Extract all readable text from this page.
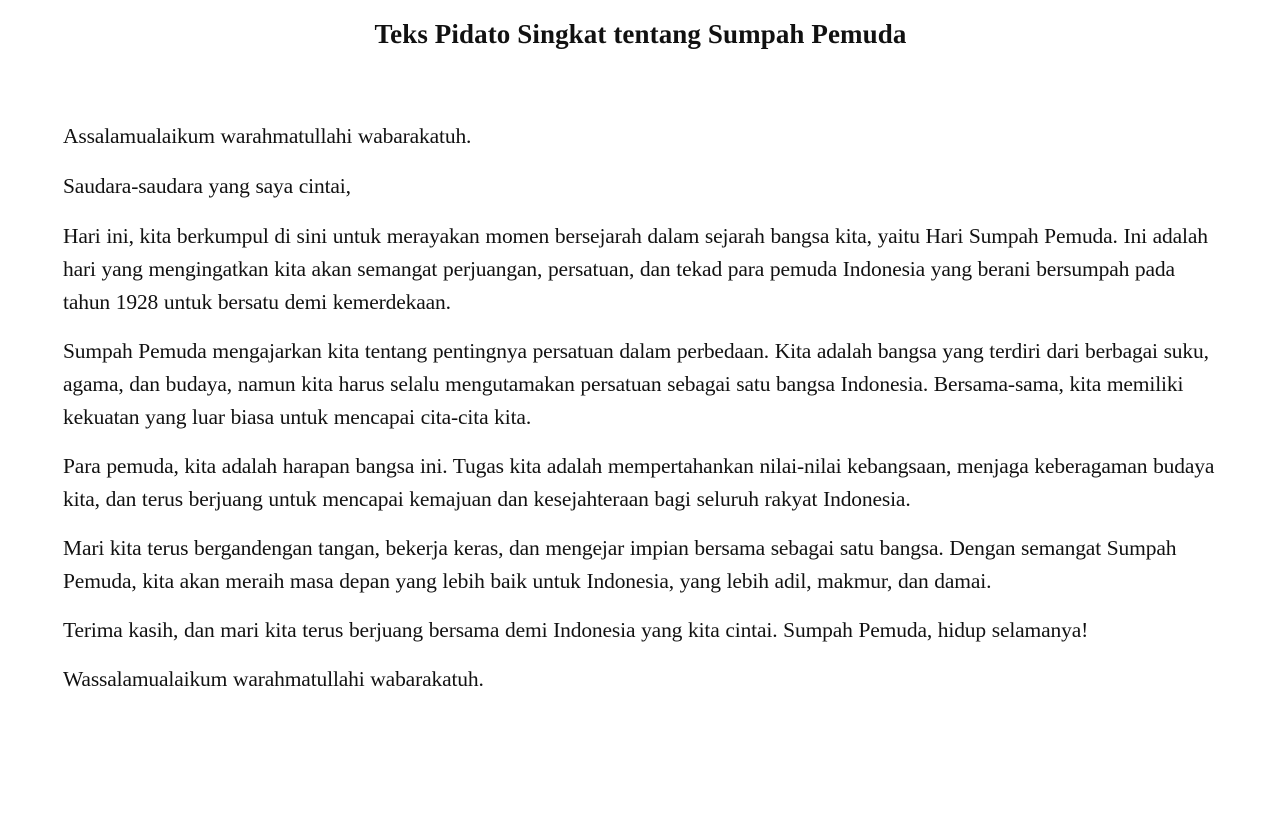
Teks Pidato Singkat tentang Sumpah Pemuda

Assalamualaikum warahmatullahi wabarakatuh.

Saudara-saudara yang saya cintai,

Hari ini, kita berkumpul di sini untuk merayakan momen bersejarah dalam sejarah bangsa kita, yaitu Hari Sumpah Pemuda. Ini adalah hari yang mengingatkan kita akan semangat perjuangan, persatuan, dan tekad para pemuda Indonesia yang berani bersumpah pada tahun 1928 untuk bersatu demi kemerdekaan.

Sumpah Pemuda mengajarkan kita tentang pentingnya persatuan dalam perbedaan. Kita adalah bangsa yang terdiri dari berbagai suku, agama, dan budaya, namun kita harus selalu mengutamakan persatuan sebagai satu bangsa Indonesia. Bersama-sama, kita memiliki kekuatan yang luar biasa untuk mencapai cita-cita kita.

Para pemuda, kita adalah harapan bangsa ini. Tugas kita adalah mempertahankan nilai-nilai kebangsaan, menjaga keberagaman budaya kita, dan terus berjuang untuk mencapai kemajuan dan kesejahteraan bagi seluruh rakyat Indonesia.

Mari kita terus bergandengan tangan, bekerja keras, dan mengejar impian bersama sebagai satu bangsa. Dengan semangat Sumpah Pemuda, kita akan meraih masa depan yang lebih baik untuk Indonesia, yang lebih adil, makmur, dan damai.

Terima kasih, dan mari kita terus berjuang bersama demi Indonesia yang kita cintai. Sumpah Pemuda, hidup selamanya!

Wassalamualaikum warahmatullahi wabarakatuh.
